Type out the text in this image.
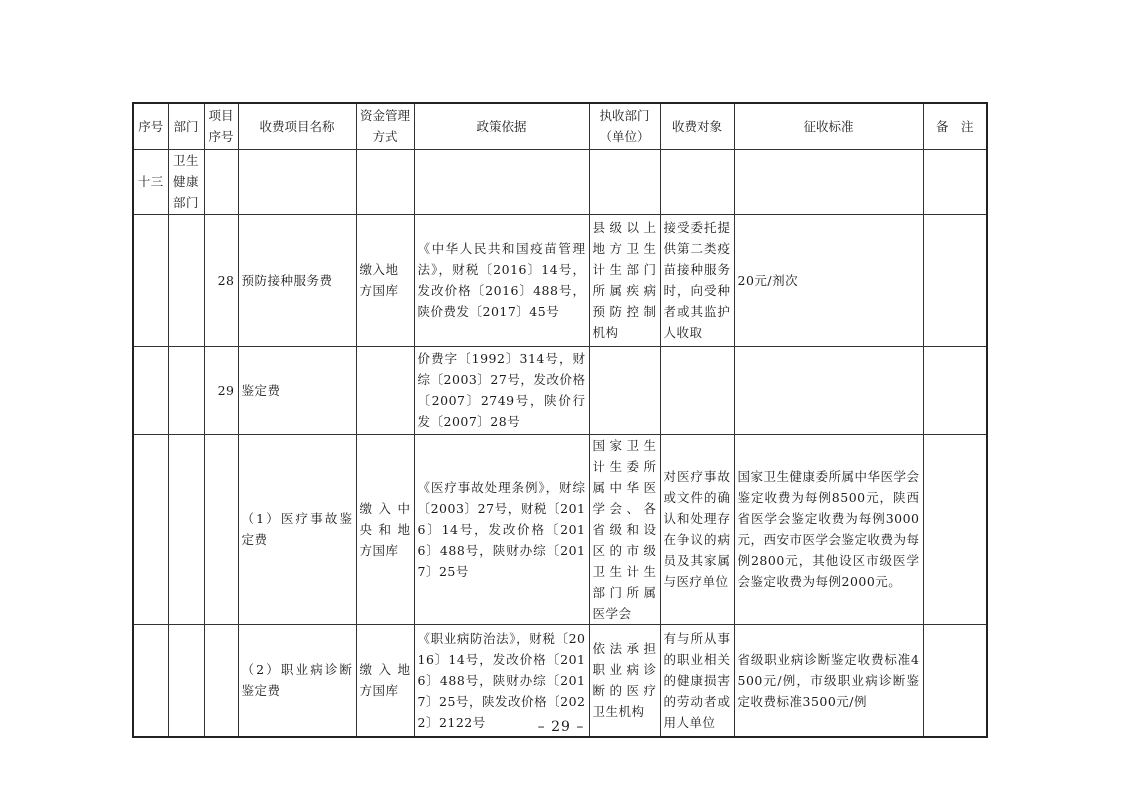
序号	部门	项目序号	收费项目名称	资金管理方式	政策依据	执收部门（单位）	收费对象	征收标准	备　注
十三	卫生健康部门								
		28	预防接种服务费	缴入地方国库	《中华人民共和国疫苗管理法》，财税〔2016〕14号，发改价格〔2016〕488号，陕价费发〔2017〕45号	县级以上地方卫生计生部门所属疾病预防控制机构	接受委托提供第二类疫苗接种服务时，向受种者或其监护人收取	20元/剂次	
		29	鉴定费		价费字〔1992〕314号，财综〔2003〕27号，发改价格〔2007〕2749号，陕价行发〔2007〕28号				
			（1）医疗事故鉴定费	缴入中央和地方国库	《医疗事故处理条例》，财综〔2003〕27号，财税〔2016〕14号，发改价格〔2016〕488号，陕财办综〔2017〕25号	国家卫生计生委所属中华医学会、各省级和设区的市级卫生计生部门所属医学会	对医疗事故或文件的确认和处理存在争议的病员及其家属与医疗单位	国家卫生健康委所属中华医学会鉴定收费为每例8500元，陕西省医学会鉴定收费为每例3000元，西安市医学会鉴定收费为每例2800元，其他设区市级医学会鉴定收费为每例2000元。	
			（2）职业病诊断鉴定费	缴入地方国库	《职业病防治法》，财税〔2016〕14号，发改价格〔2016〕488号，陕财办综〔2017〕25号，陕发改价格〔2022〕2122号	依法承担职业病诊断的医疗卫生机构	有与所从事的职业相关的健康损害的劳动者或用人单位	省级职业病诊断鉴定收费标准4500元/例，市级职业病诊断鉴定收费标准3500元/例	
– 29 –
